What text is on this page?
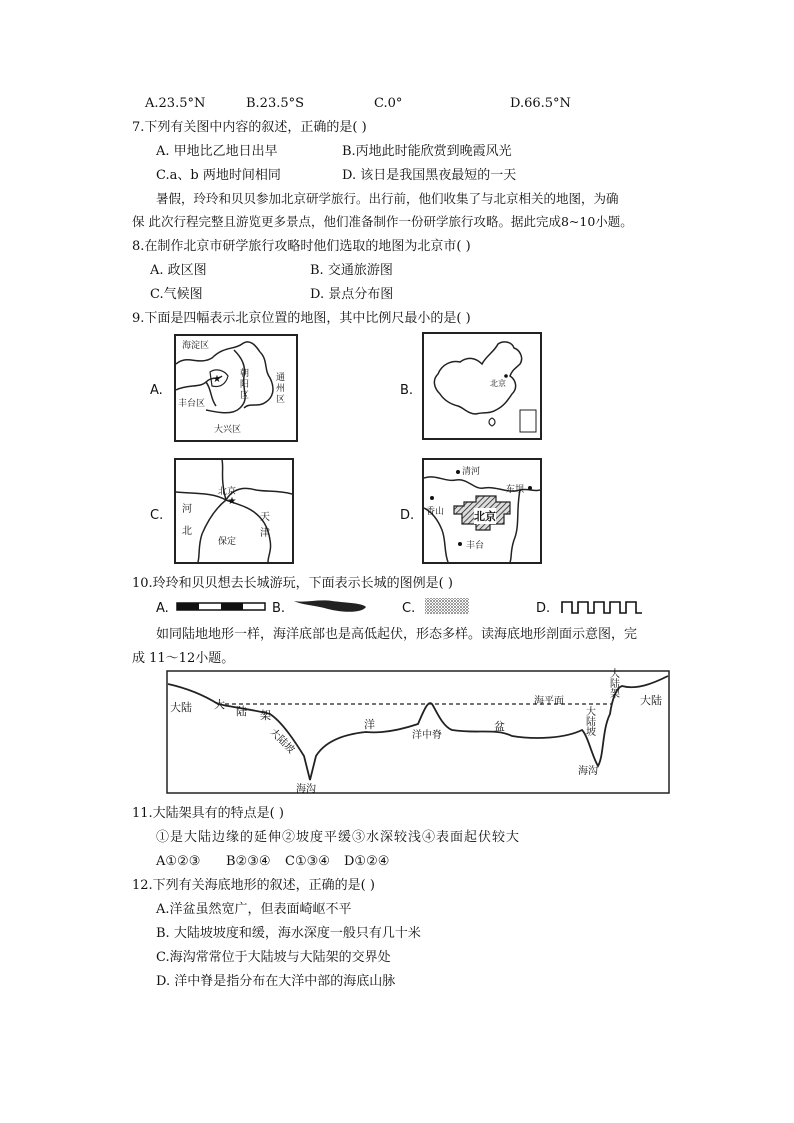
A.23.5°N	B.23.5°S	C.0°	D.66.5°N
7.下列有关图中内容的叙述，正确的是( )
A. 甲地比乙地日出早	B.丙地此时能欣赏到晚霞风光
C.a、b 两地时间相同	D. 该日是我国黑夜最短的一天
暑假，玲玲和贝贝参加北京研学旅行。出行前，他们收集了与北京相关的地图，为确
保 此次行程完整且游览更多景点，他们准备制作一份研学旅行攻略。据此完成8~10小题。
8.在制作北京市研学旅行攻略时他们选取的地图为北京市( )
A. 政区图	B. 交通旅游图
C.气候图	D. 景点分布图
9.下面是四幅表示北京位置的地图，其中比例尺最小的是( )
A.
★
海淀区
朝
阳
区
通
州
区
丰台区
大兴区
B.	北京
C.
★
北京
河
北
天
津
保定
D.
清河
东坝
香山	北京
丰台
10.玲玲和贝贝想去长城游玩，下面表示长城的图例是( )
A.	B.	C.	D.
如同陆地地形一样，海洋底部也是高低起伏，形态多样。读海底地形剖面示意图，完
成 11～12小题。
大陆 大
陆 架
大陆坡
洋
洋中脊
盆
海平面
大陆架 大陆
大陆坡
海沟
海沟
11.大陆架具有的特点是( )
①是大陆边缘的延伸②坡度平缓③水深较浅④表面起伏较大
A①②③ B②③④ C①③④ D①②④
12.下列有关海底地形的叙述，正确的是( )
A.洋盆虽然宽广，但表面崎岖不平
B. 大陆坡坡度和缓，海水深度一般只有几十米
C.海沟常常位于大陆坡与大陆架的交界处
D. 洋中脊是指分布在大洋中部的海底山脉
